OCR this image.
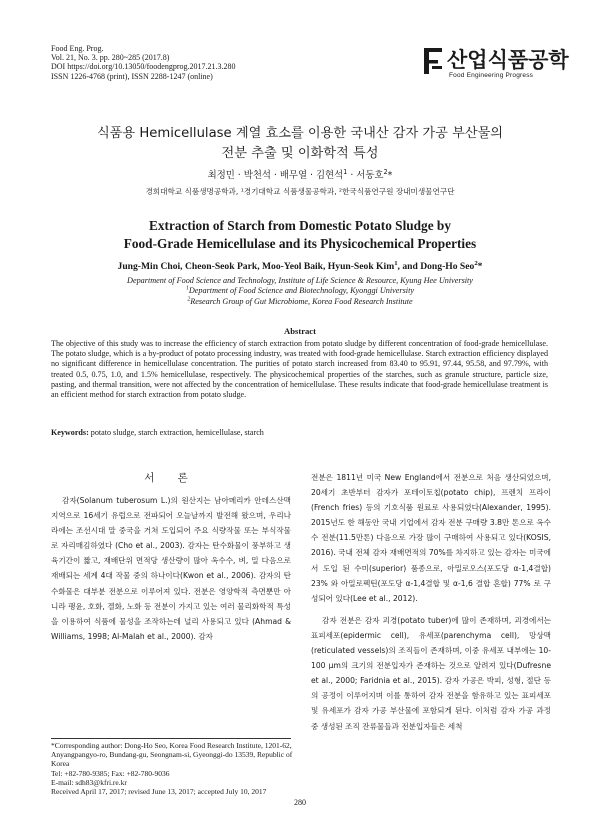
Food Eng. Prog.
Vol. 21, No. 3. pp. 280~285 (2017.8)
DOI https://doi.org/10.13050/foodengprog.2017.21.3.280
ISSN 1226-4768 (print), ISSN 2288-1247 (online)
산업식품공학
Food Engineering Progress
식품용 Hemicellulase 계열 효소를 이용한 국내산 감자 가공 부산물의
전분 추출 및 이화학적 특성
최정민 · 박천석 · 배무열 · 김현석$^1$ · 서동호$^2$*
경희대학교 식품생명공학과, ¹경기대학교 식품생물공학과, ²한국식품연구원 장내미생물연구단
Extraction of Starch from Domestic Potato Sludge by
Food-Grade Hemicellulase and its Physicochemical Properties
Jung-Min Choi, Cheon-Seok Park, Moo-Yeol Baik, Hyun-Seok Kim$^1$, and Dong-Ho Seo$^2$*
Department of Food Science and Technology, Institute of Life Science & Resource, Kyung Hee University
$^1$Department of Food Science and Biotechnology, Kyonggi University
$^2$Research Group of Gut Microbiome, Korea Food Research Institute
Abstract
The objective of this study was to increase the efficiency of starch extraction from potato sludge by different concentration of food-grade hemicellulase. The potato sludge, which is a by-product of potato processing industry, was treated with food-grade hemicellulase. Starch extraction efficiency displayed no significant difference in hemicellulase concentration. The purities of potato starch increased from 83.40 to 95.91, 97.44, 95.58, and 97.79%, with treated 0.5, 0.75, 1.0, and 1.5% hemicellulase, respectively. The physicochemical properties of the starches, such as granule structure, particle size, pasting, and thermal transition, were not affected by the concentration of hemicellulase. These results indicate that food-grade hemicellulase treatment is an efficient method for starch extraction from potato sludge.
Keywords: potato sludge, starch extraction, hemicellulase, starch
서 론

감자(Solanum tuberosum L.)의 원산지는 남아메리카 안데스산맥 지역으로 16세기 유럽으로 전파되어 오늘날까지 발전해 왔으며, 우리나라에는 조선시대 말 중국을 거쳐 도입되어 주요 식량작물 또는 부식작물로 자리매김하였다 (Cho et al., 2003). 감자는 탄수화물이 풍부하고 생육기간이 짧고, 재배단위 면적당 생산량이 많아 옥수수, 벼, 밀 다음으로 재배되는 세계 4대 작물 중의 하나이다(Kwon et al., 2006). 감자의 탄수화물은 대부분 전분으로 이루어져 있다. 전분은 영양학적 측면뿐만 아니라 팽윤, 호화, 겔화, 노화 등 전분이 가지고 있는 여러 물리화학적 특성을 이용하여 식품에 물성을 조작하는데 널리 사용되고 있다 (Ahmad & Williams, 1998; Al-Malah et al., 2000). 감자

전분은 1811년 미국 New England에서 전분으로 처음 생산되었으며, 20세기 초반부터 감자가 포테이토칩(potato chip), 프렌치 프라이(French fries) 등의 기호식품 원료로 사용되었다(Alexander, 1995). 2015년도 한 해동안 국내 기업에서 감자 전분 구매량 3.8만 톤으로 옥수수 전분(11.5만톤) 다음으로 가장 많이 구매하여 사용되고 있다(KOSIS, 2016). 국내 전체 감자 재배면적의 70%를 차지하고 있는 감자는 미국에서 도입 된 수미(superior) 품종으로, 아밀로오스(포도당 α-1,4결합) 23% 와 아밀로펙틴(포도당 α-1,4결합 및 α-1,6 결합 혼합) 77% 로 구성되어 있다(Lee et al., 2012).

감자 전분은 감자 괴경(potato tuber)에 많이 존재하며, 괴경에서는 표피세포(epidermic cell), 유세포(parenchyma cell), 망상맥(reticulated vessels)의 조직들이 존재하며, 이중 유세포 내부에는 10-100 μm의 크기의 전분입자가 존재하는 것으로 알려져 있다(Dufresne et al., 2000; Faridnia et al., 2015). 감자 가공은 박피, 성형, 절단 등의 공정이 이루어지며 이를 통하여 감자 전분을 함유하고 있는 표피세포 및 유세포가 감자 가공 부산물에 포함되게 된다. 이처럼 감자 가공 과정 중 생성된 조직 잔류물들과 전분입자들은 세척

*Corresponding author: Dong-Ho Seo, Korea Food Research Institute, 1201-62, Anyangpangyo-ro, Bundang-gu, Seongnam-si, Gyeonggi-do 13539, Republic of Korea
Tel: +82-780-9385; Fax: +82-780-9036
E-mail: sdh83@kfri.re.kr
Received April 17, 2017; revised June 13, 2017; accepted July 10, 2017
280
